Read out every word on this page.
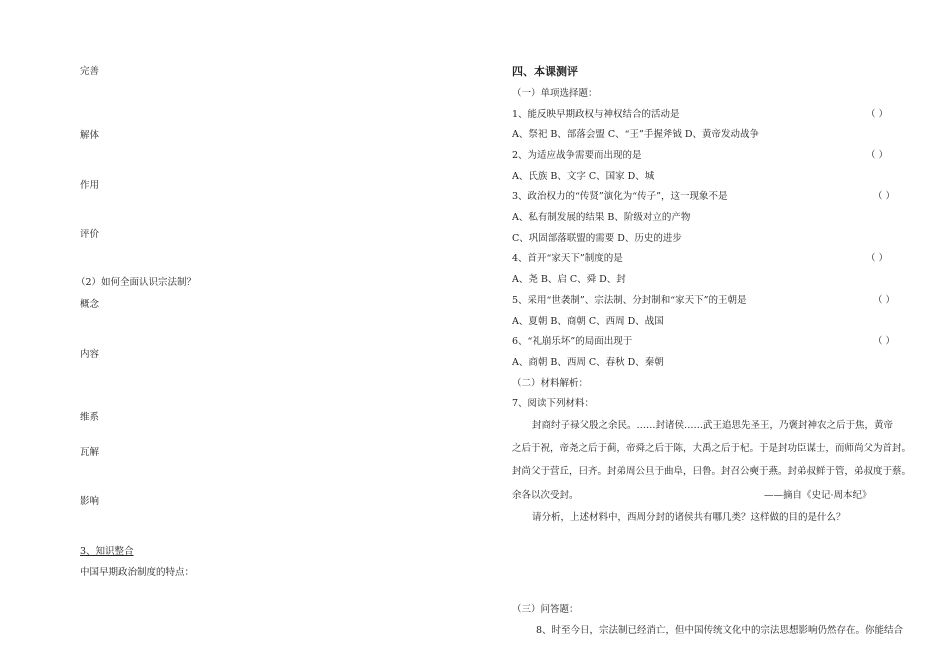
完善
解体
作用
评价
（2）如何全面认识宗法制？
概念
内容
维系
瓦解
影响
3、知识整合
中国早期政治制度的特点：
四、本课测评
（一）单项选择题：
1、能反映早期政权与神权结合的活动是	（ ）
A、祭祀 B、部落会盟 C、“王”手握斧钺 D、黄帝发动战争
2、为适应战争需要而出现的是	（ ）
A、氏族 B、文字 C、国家 D、城
3、政治权力的“传贤”演化为“传子”，这一现象不是	（ ）
A、私有制发展的结果 B、阶级对立的产物
C、巩固部落联盟的需要 D、历史的进步
4、首开“家天下”制度的是	（ ）
A、尧 B、启 C、舜 D、封
5、采用“世袭制”、宗法制、分封制和“家天下”的王朝是	（ ）
A、夏朝 B、商朝 C、西周 D、战国
6、“礼崩乐坏”的局面出现于	（ ）
A、商朝 B、西周 C、春秋 D、秦朝
（二）材料解析：
7、阅读下列材料：
封商纣子禄父殷之余民。……封诸侯……武王追思先圣王，乃褒封神农之后于焦，黄帝
之后于祝，帝尧之后于蓟，帝舜之后于陈，大禹之后于杞。于是封功臣谋士，而师尚父为首封。
封尚父于营丘，曰齐。封弟周公旦于曲阜，曰鲁。封召公奭于燕。封弟叔鲜于管，弟叔度于蔡。
余各以次受封。	——摘自《史记·周本纪》
请分析，上述材料中，西周分封的诸侯共有哪几类？这样做的目的是什么？
（三）问答题：
8、时至今日，宗法制已经消亡，但中国传统文化中的宗法思想影响仍然存在。你能结合
